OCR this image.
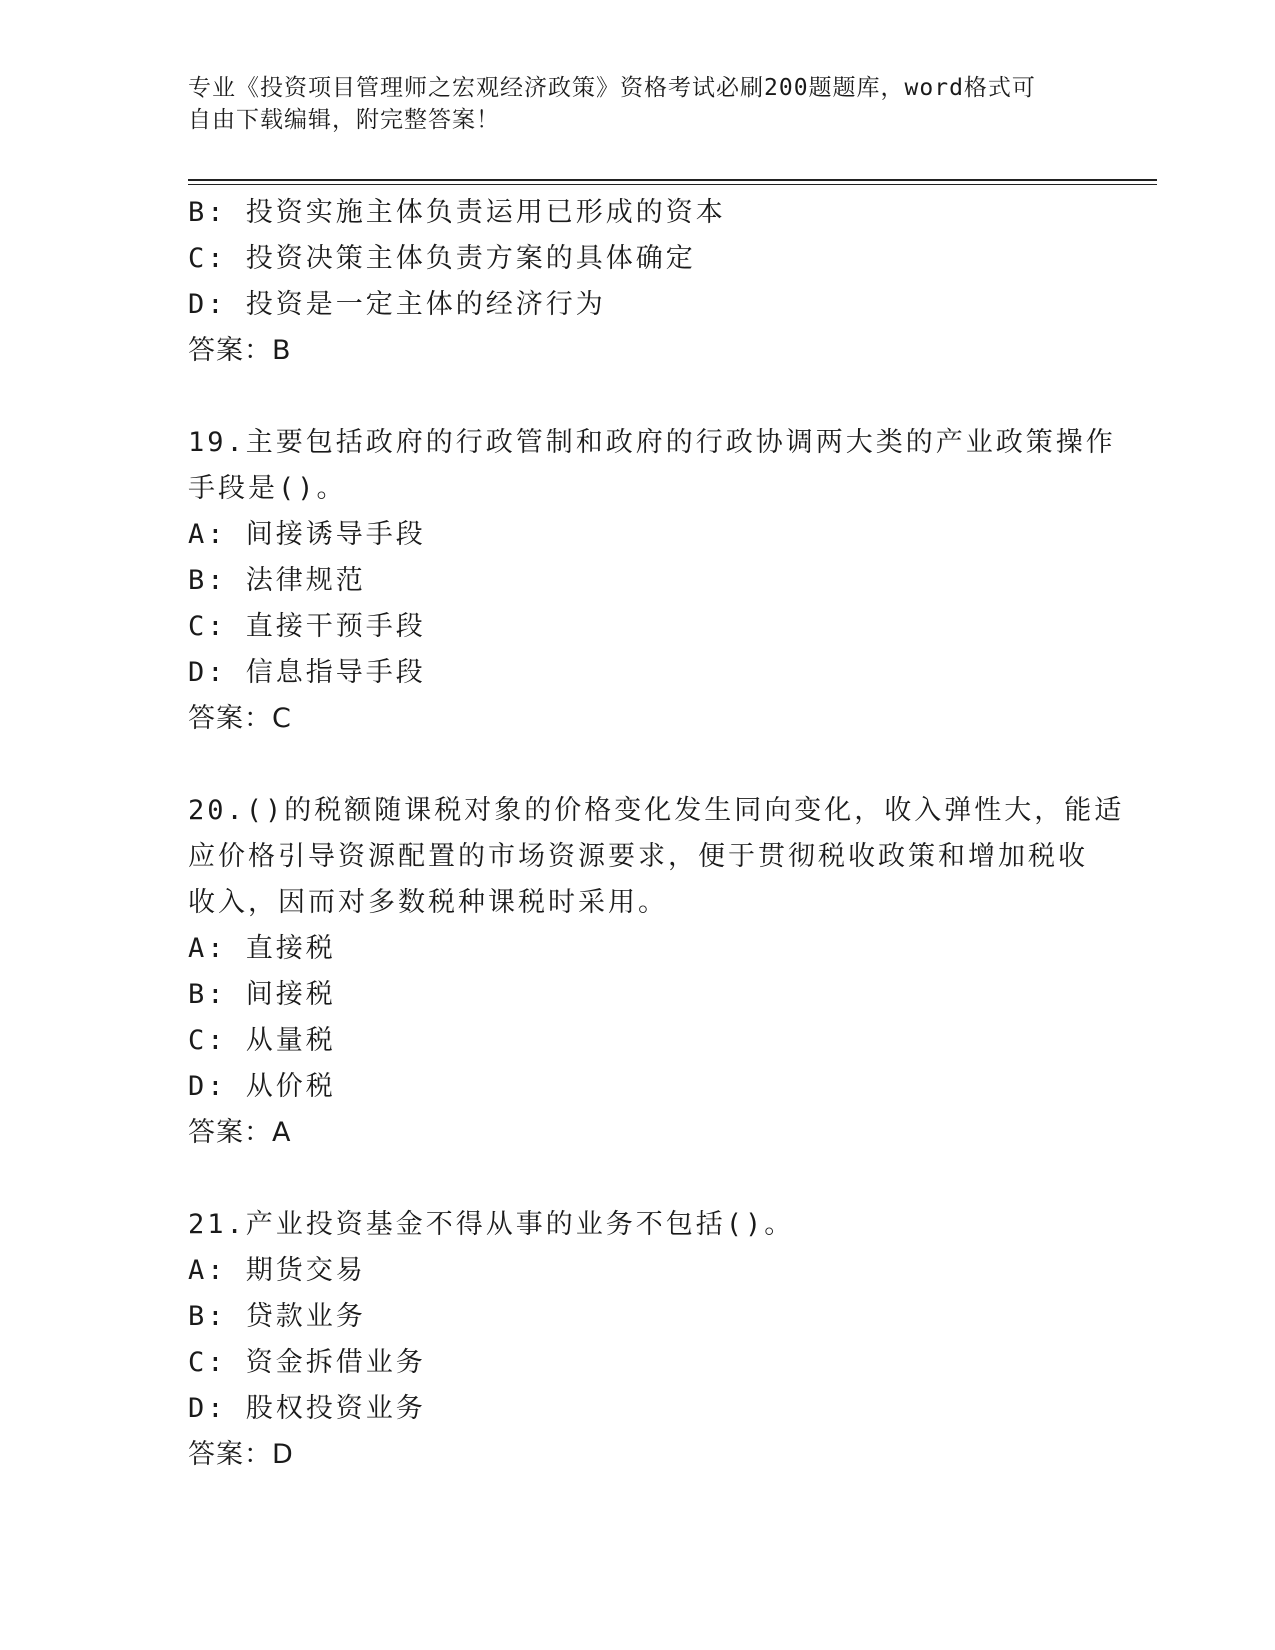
专业《投资项目管理师之宏观经济政策》资格考试必刷200题题库，word格式可
自由下载编辑，附完整答案！
B: 投资实施主体负责运用已形成的资本
C: 投资决策主体负责方案的具体确定
D: 投资是一定主体的经济行为
答案：B
19.主要包括政府的行政管制和政府的行政协调两大类的产业政策操作
手段是()。
A: 间接诱导手段
B: 法律规范
C: 直接干预手段
D: 信息指导手段
答案：C
20.()的税额随课税对象的价格变化发生同向变化，收入弹性大，能适
应价格引导资源配置的市场资源要求，便于贯彻税收政策和增加税收
收入，因而对多数税种课税时采用。
A: 直接税
B: 间接税
C: 从量税
D: 从价税
答案：A
21.产业投资基金不得从事的业务不包括()。
A: 期货交易
B: 贷款业务
C: 资金拆借业务
D: 股权投资业务
答案：D
